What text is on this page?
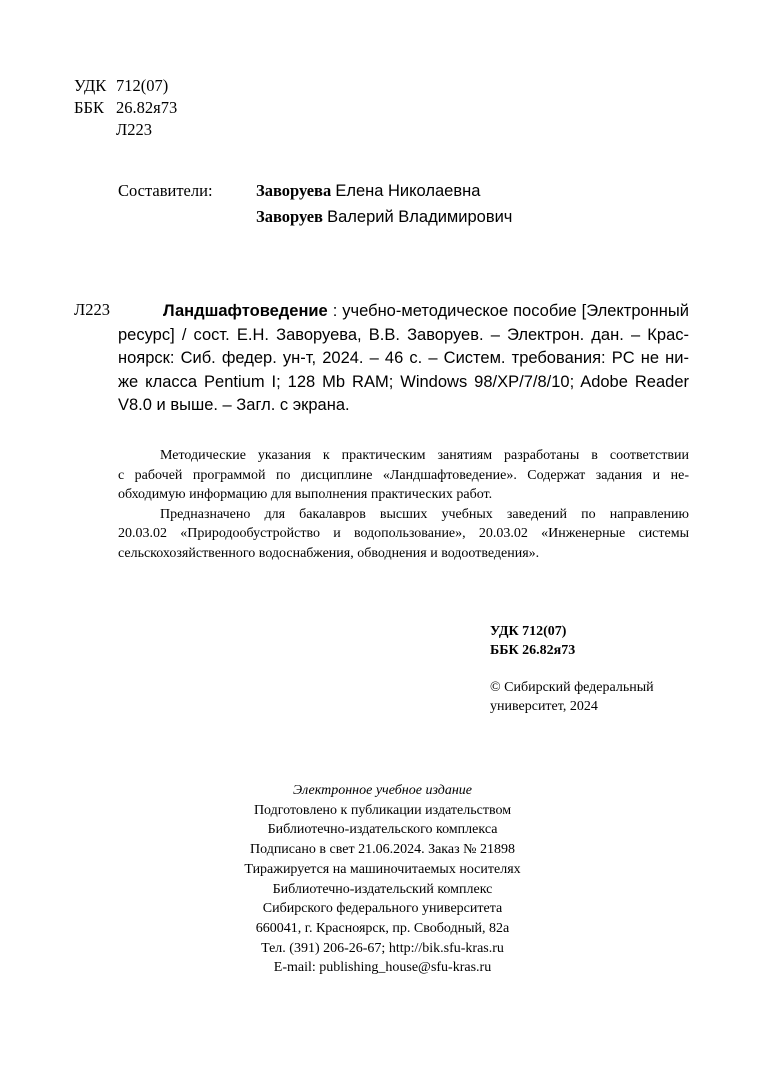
УДК 712(07)
ББК 26.82я73
Л223
Составители:	Заворуева Елена Николаевна
Заворуев Валерий Владимирович
Л223	Ландшафтоведение : учебно-методическое пособие [Электронный

ресурс] / сост. Е.Н. Заворуева, В.В. Заворуев. – Электрон. дан. – Крас-

ноярск: Сиб. федер. ун-т, 2024. – 46 с. – Систем. требования: PC не ни-

же класса Pentium I; 128 Mb RAM; Windows 98/XP/7/8/10; Adobe Reader

V8.0 и выше. – Загл. с экрана.

Методические указания к практическим занятиям разработаны в соответствии

с рабочей программой по дисциплине «Ландшафтоведение». Содержат задания и не-

обходимую информацию для выполнения практических работ.

Предназначено для бакалавров высших учебных заведений по направлению

20.03.02 «Природообустройство и водопользование», 20.03.02 «Инженерные системы

сельскохозяйственного водоснабжения, обводнения и водоотведения».

УДК 712(07)
ББК 26.82я73
© Сибирский федеральный
университет, 2024
Электронное учебное издание
Подготовлено к публикации издательством
Библиотечно-издательского комплекса
Подписано в свет 21.06.2024. Заказ № 21898
Тиражируется на машиночитаемых носителях
Библиотечно-издательский комплекс
Сибирского федерального университета
660041, г. Красноярск, пр. Свободный, 82а
Тел. (391) 206-26-67; http://bik.sfu-kras.ru
E-mail: publishing_house@sfu-kras.ru
